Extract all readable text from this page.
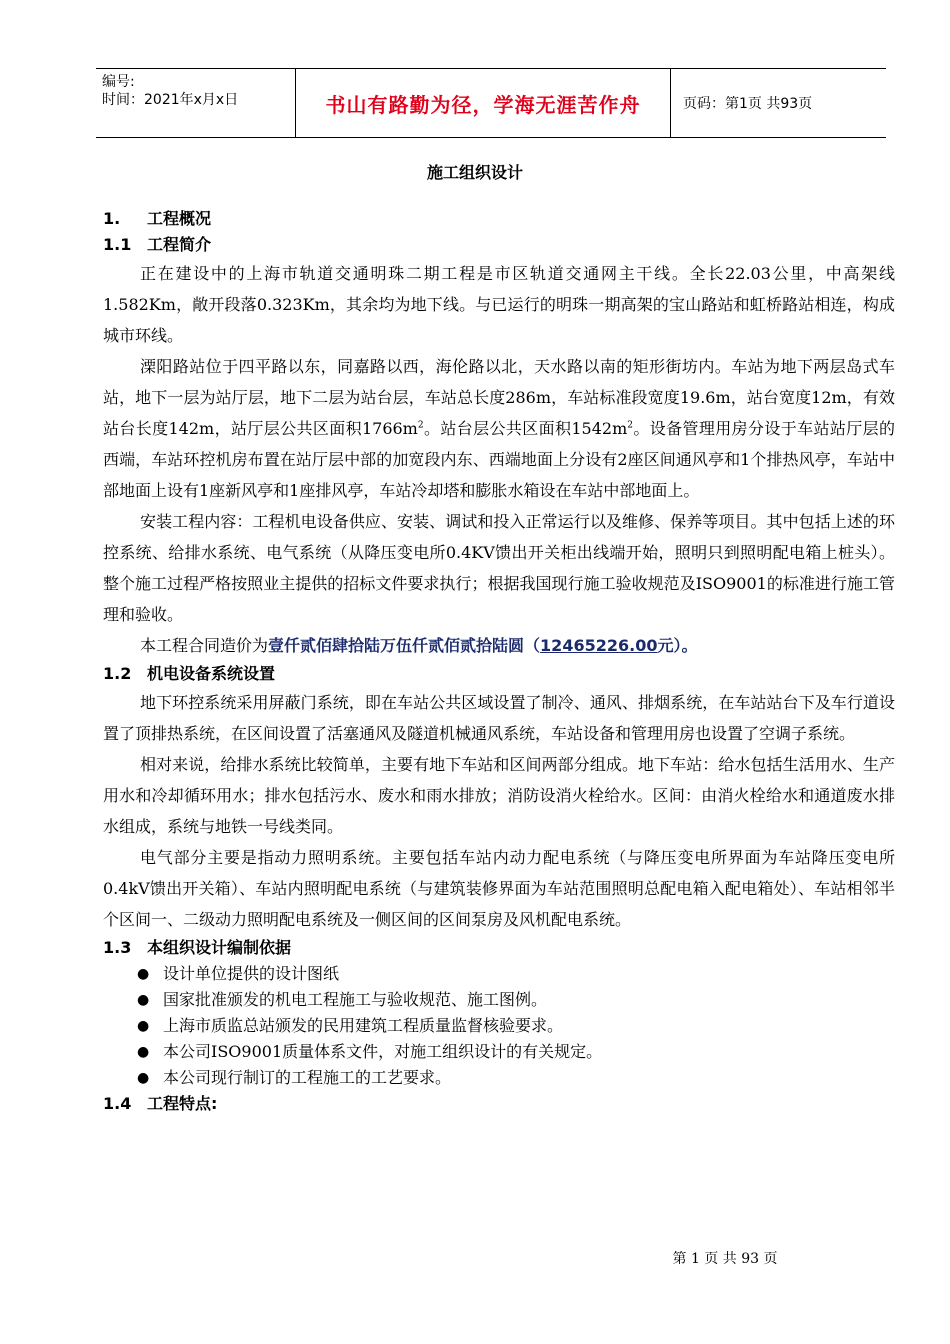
编号:
时间：2021年x月x日	书山有路勤为径，学海无涯苦作舟	页码：第1页 共93页
施工组织设计
1. 工程概况
1.1 工程简介
正在建设中的上海市轨道交通明珠二期工程是市区轨道交通网主干线。全长22.03公里，中高架线1.582Km，敞开段落0.323Km，其余均为地下线。与已运行的明珠一期高架的宝山路站和虹桥路站相连，构成城市环线。
溧阳路站位于四平路以东，同嘉路以西，海伦路以北，天水路以南的矩形街坊内。车站为地下两层岛式车站，地下一层为站厅层，地下二层为站台层，车站总长度286m，车站标准段宽度19.6m，站台宽度12m，有效站台长度142m，站厅层公共区面积$1766m^2$。站台层公共区面积$1542m^2$。设备管理用房分设于车站站厅层的西端，车站环控机房布置在站厅层中部的加宽段内东、西端地面上分设有2座区间通风亭和1个排热风亭，车站中部地面上设有1座新风亭和1座排风亭，车站冷却塔和膨胀水箱设在车站中部地面上。
安装工程内容：工程机电设备供应、安装、调试和投入正常运行以及维修、保养等项目。其中包括上述的环控系统、给排水系统、电气系统（从降压变电所0.4KV馈出开关柜出线端开始，照明只到照明配电箱上桩头）。整个施工过程严格按照业主提供的招标文件要求执行；根据我国现行施工验收规范及ISO9001的标准进行施工管理和验收。
本工程合同造价为壹仟贰佰肆拾陆万伍仟贰佰贰拾陆圆（12465226.00元）。
1.2 机电设备系统设置
地下环控系统采用屏蔽门系统，即在车站公共区域设置了制冷、通风、排烟系统，在车站站台下及车行道设置了顶排热系统，在区间设置了活塞通风及隧道机械通风系统，车站设备和管理用房也设置了空调子系统。
相对来说，给排水系统比较简单，主要有地下车站和区间两部分组成。地下车站：给水包括生活用水、生产用水和冷却循环用水；排水包括污水、废水和雨水排放；消防设消火栓给水。区间：由消火栓给水和通道废水排水组成，系统与地铁一号线类同。
电气部分主要是指动力照明系统。主要包括车站内动力配电系统（与降压变电所界面为车站降压变电所0.4kV馈出开关箱）、车站内照明配电系统（与建筑装修界面为车站范围照明总配电箱入配电箱处）、车站相邻半个区间一、二级动力照明配电系统及一侧区间的区间泵房及风机配电系统。
1.3 本组织设计编制依据
● 设计单位提供的设计图纸
● 国家批准颁发的机电工程施工与验收规范、施工图例。
● 上海市质监总站颁发的民用建筑工程质量监督核验要求。
● 本公司ISO9001质量体系文件，对施工组织设计的有关规定。
● 本公司现行制订的工程施工的工艺要求。
1.4 工程特点:
第 1 页 共 93 页
